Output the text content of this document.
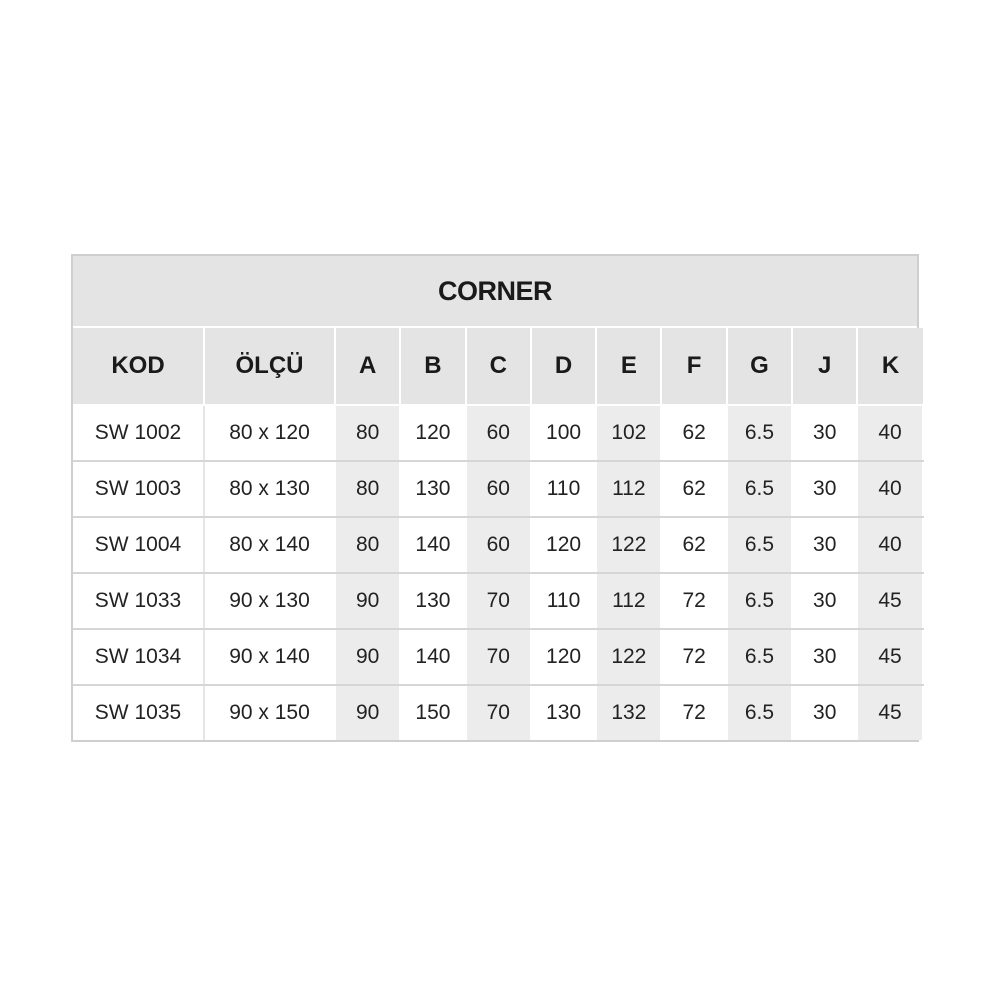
CORNER
KOD	ÖLÇÜ	A	B	C	D	E	F	G	J	K
SW 1002	80 x 120	80	120	60	100	102	62	6.5	30	40
SW 1003	80 x 130	80	130	60	110	112	62	6.5	30	40
SW 1004	80 x 140	80	140	60	120	122	62	6.5	30	40
SW 1033	90 x 130	90	130	70	110	112	72	6.5	30	45
SW 1034	90 x 140	90	140	70	120	122	72	6.5	30	45
SW 1035	90 x 150	90	150	70	130	132	72	6.5	30	45
